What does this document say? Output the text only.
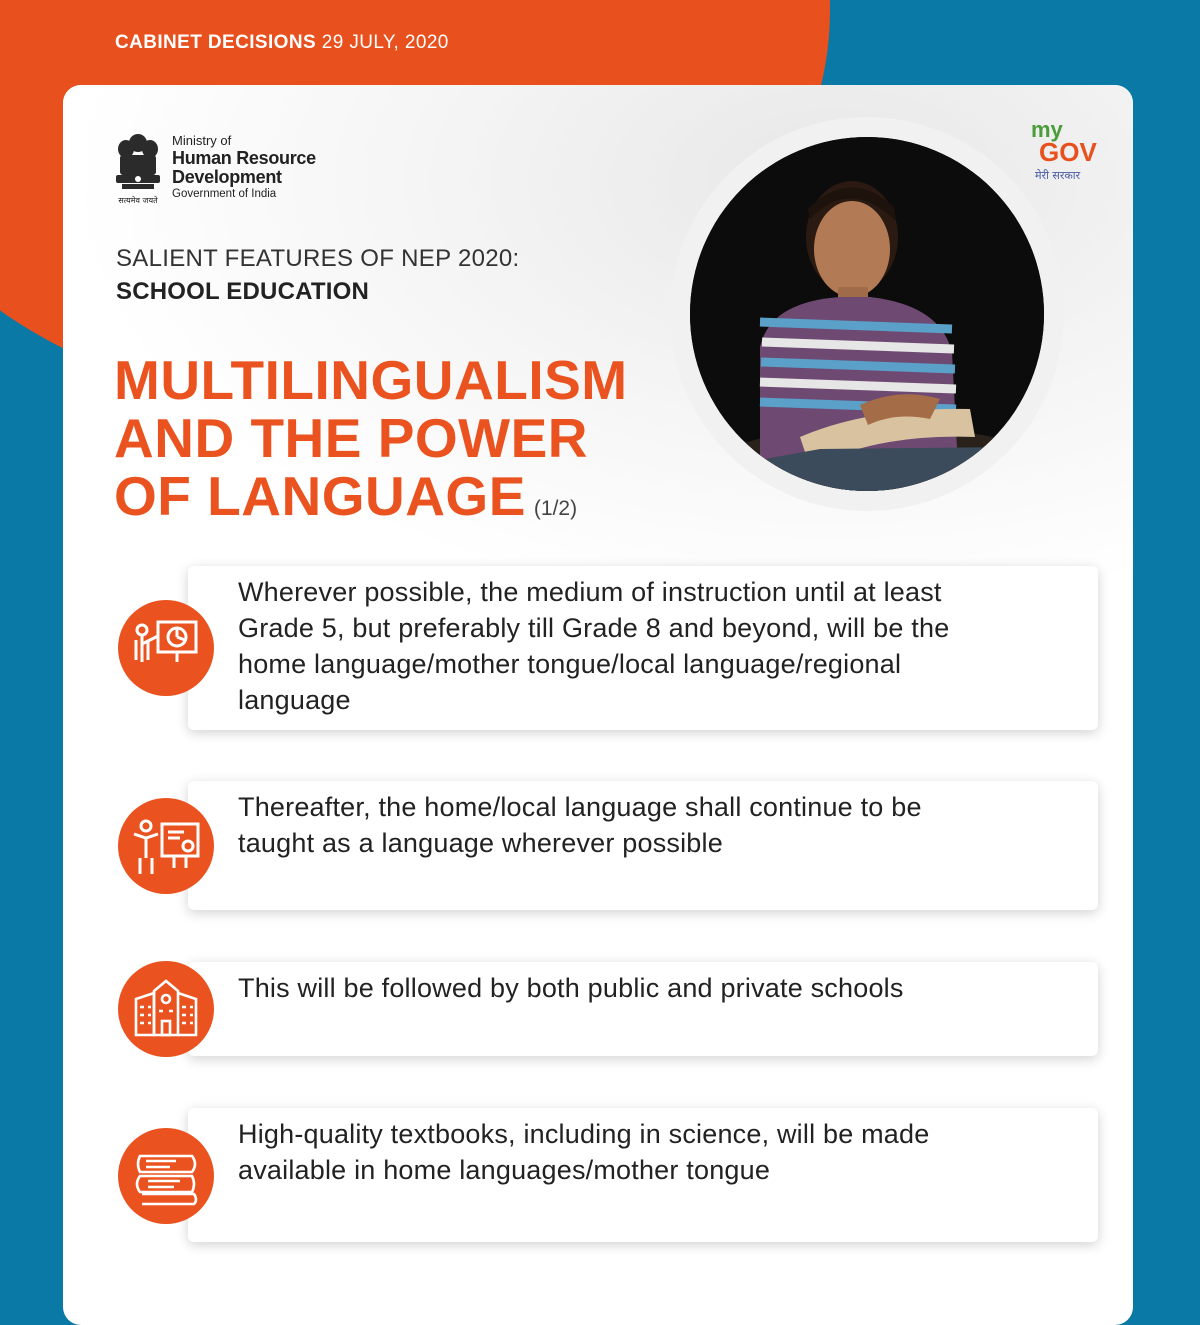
CABINET DECISIONS 29 JULY, 2020
सत्यमेव जयते
Ministry of
Human Resource
Development
Government of India
my
GOV
मेरी सरकार
SALIENT FEATURES OF NEP 2020:
SCHOOL EDUCATION
MULTILINGUALISM
AND THE POWER
OF LANGUAGE (1/2)
Wherever possible, the medium of instruction until at least Grade 5, but preferably till Grade 8 and beyond, will be the home language/mother tongue/local language/regional language
Thereafter, the home/local language shall continue to be taught as a language wherever possible
This will be followed by both public and private schools
High-quality textbooks, including in science, will be made available in home languages/mother tongue
